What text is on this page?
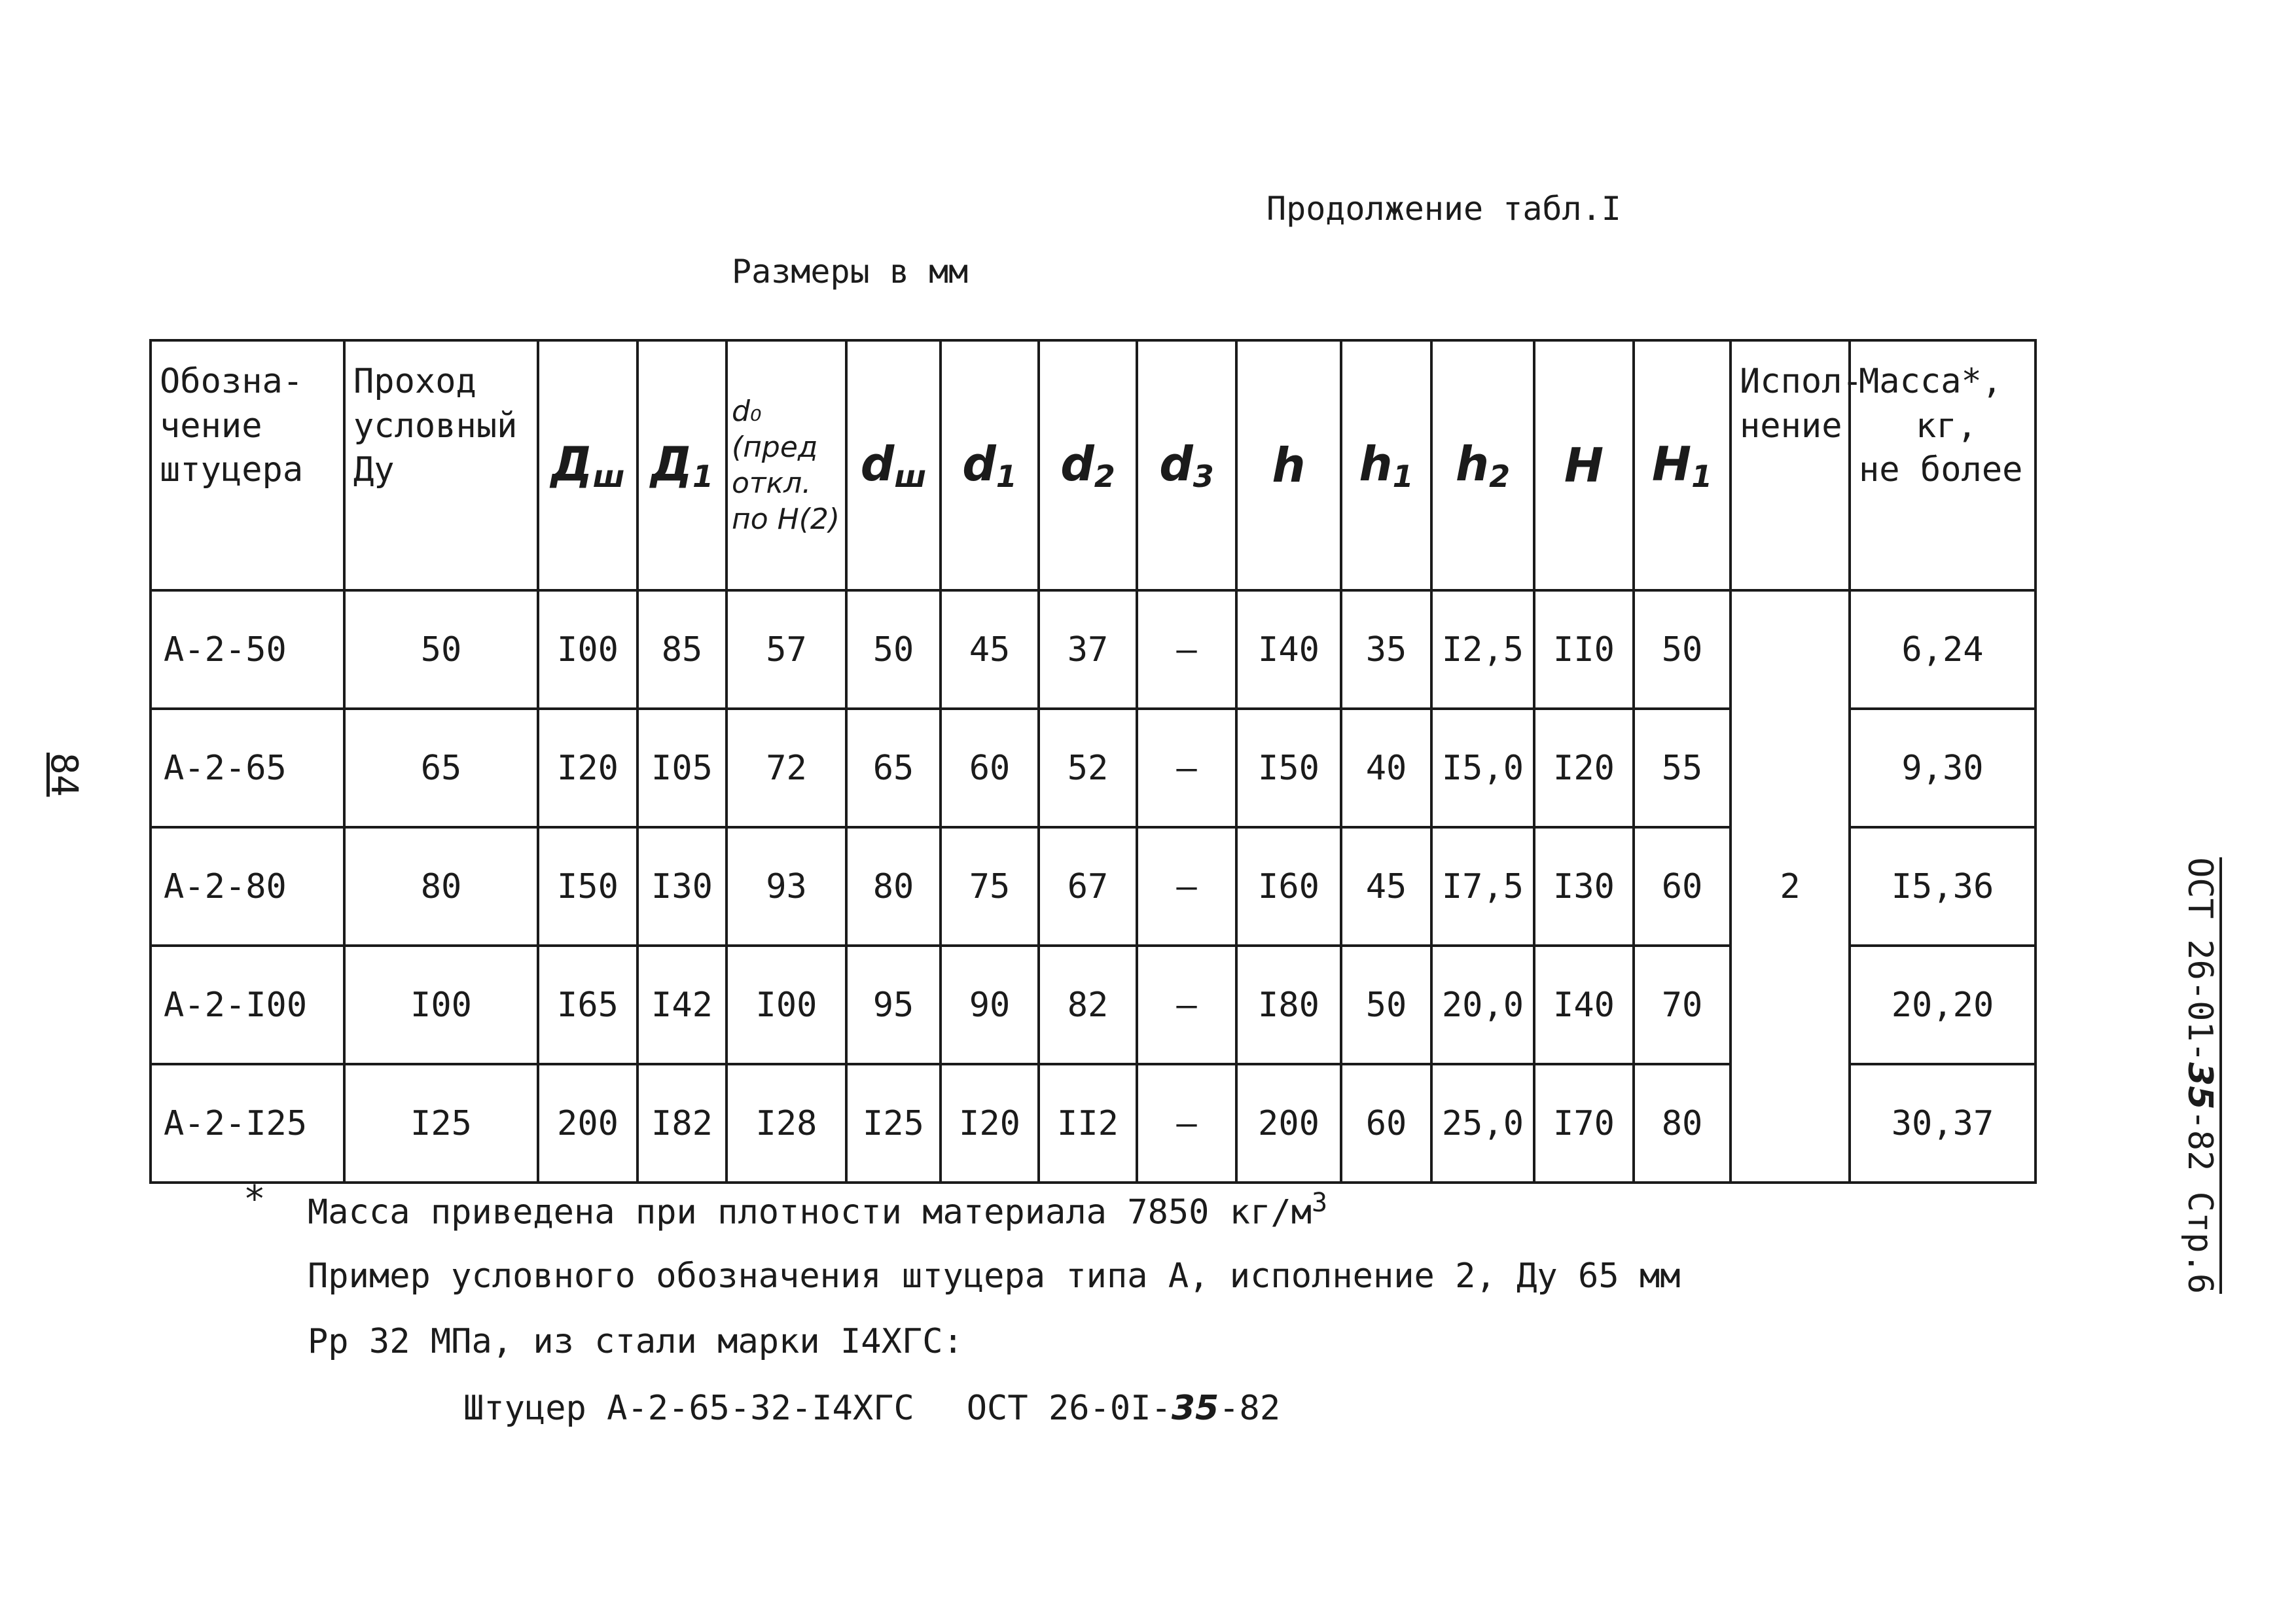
Продолжение табл.I
Размеры в мм
84
ОСТ 26-01-35-82 Стр.6
Обозна-
чение
штуцера	Проход
условный
Ду	$Д_ш$	$Д_1$	d₀
(пред
откл.
по H(2)	$d_ш$	$d_1$	$d_2$	$d_3$	h	$h_1$	$h_2$	H	$H_1$	Испол-
нение	Масса*,
кг,
не более

А-2-50	50	I00	85	57	50	45	37	–	I40	35	I2,5	II0	50	2	6,24
А-2-65	65	I20	I05	72	65	60	52	–	I50	40	I5,0	I20	55		9,30
А-2-80	80	I50	I30	93	80	75	67	–	I60	45	I7,5	I30	60		I5,36
А-2-I00	I00	I65	I42	I00	95	90	82	–	I80	50	20,0	I40	70		20,20
А-2-I25	I25	200	I82	I28	I25	I20	II2	–	200	60	25,0	I70	80		30,37
* Масса приведена при плотности материала 7850 $кг/м^3$
Пример условного обозначения штуцера типа А, исполнение 2, Ду 65 мм
Рр 32 МПа, из стали марки I4ХГС:
Штуцер А-2-65-32-I4ХГС ОСТ 26-0I-35-82
